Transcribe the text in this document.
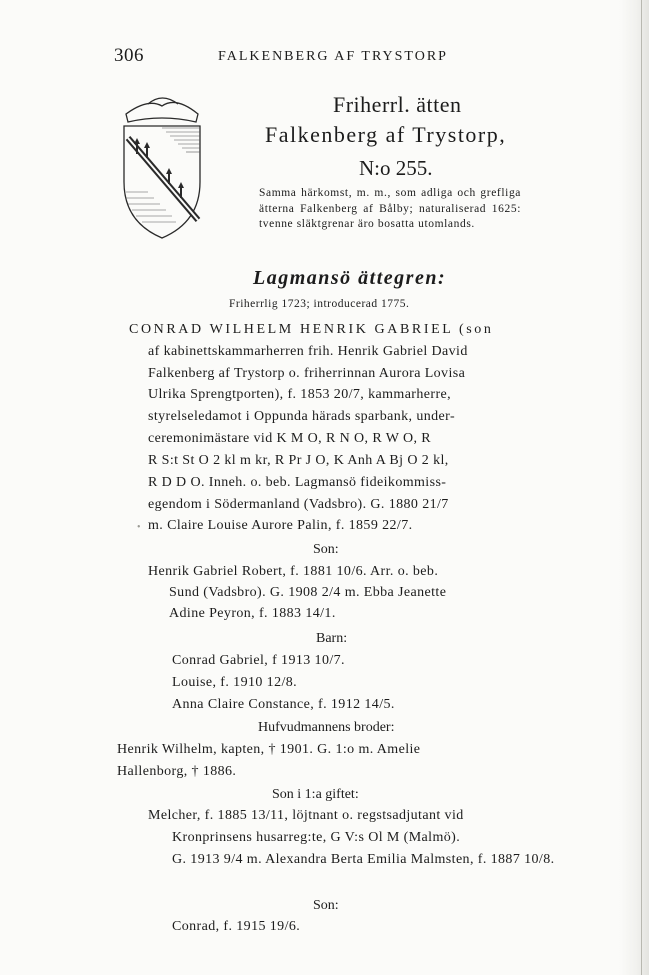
306	FALKENBERG AF TRYSTORP
Friherrl. ätten
Falkenberg af Trystorp,
N:o 255.
Samma härkomst, m. m., som adliga och grefliga ätterna Falkenberg af Bålby; naturaliserad 1625: tvenne släktgrenar äro bosatta utomlands.
Lagmansö ättegren:
Friherrlig 1723; introducerad 1775.
CONRAD WILHELM HENRIK GABRIEL (son
af kabinettskammarherren frih. Henrik Gabriel David
Falkenberg af Trystorp o. friherrinnan Aurora Lovisa
Ulrika Sprengtporten), f. 1853 20/7, kammarherre,
styrelseledamot i Oppunda härads sparbank, under-
ceremonimästare vid K M O, R N O, R W O, R
R S:t St O 2 kl m kr, R Pr J O, K Anh A Bj O 2 kl,
R D D O. Inneh. o. beb. Lagmansö fideikommiss-
egendom i Södermanland (Vadsbro). G. 1880 21/7
• m. Claire Louise Aurore Palin, f. 1859 22/7.
Son:
Henrik Gabriel Robert, f. 1881 10/6. Arr. o. beb.
Sund (Vadsbro). G. 1908 2/4 m. Ebba Jeanette
Adine Peyron, f. 1883 14/1.
Barn:
Conrad Gabriel, f 1913 10/7.
Louise, f. 1910 12/8.
Anna Claire Constance, f. 1912 14/5.
Hufvudmannens broder:
Henrik Wilhelm, kapten, † 1901. G. 1:o m. Amelie
Hallenborg, † 1886.
Son i 1:a giftet:
Melcher, f. 1885 13/11, löjtnant o. regstsadjutant vid
Kronprinsens husarreg:te, G V:s Ol M (Malmö).
G. 1913 9/4 m. Alexandra Berta Emilia Malmsten, f. 1887 10/8.
Son:
Conrad, f. 1915 19/6.
